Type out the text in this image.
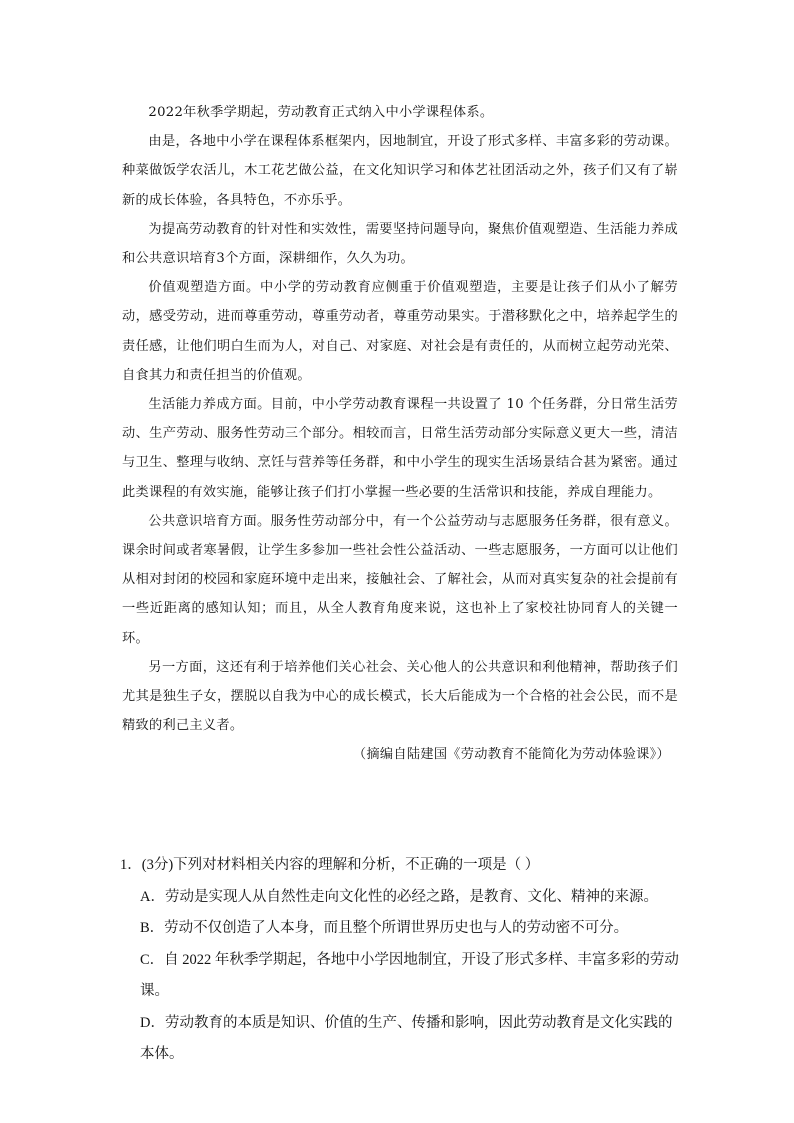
2022年秋季学期起，劳动教育正式纳入中小学课程体系。

由是，各地中小学在课程体系框架内，因地制宜，开设了形式多样、丰富多彩的劳动课。种菜做饭学农活儿，木工花艺做公益，在文化知识学习和体艺社团活动之外，孩子们又有了崭新的成长体验，各具特色，不亦乐乎。

为提高劳动教育的针对性和实效性，需要坚持问题导向，聚焦价值观塑造、生活能力养成和公共意识培育3个方面，深耕细作，久久为功。

价值观塑造方面。中小学的劳动教育应侧重于价值观塑造，主要是让孩子们从小了解劳动，感受劳动，进而尊重劳动，尊重劳动者，尊重劳动果实。于潜移默化之中，培养起学生的责任感，让他们明白生而为人，对自己、对家庭、对社会是有责任的，从而树立起劳动光荣、自食其力和责任担当的价值观。

生活能力养成方面。目前，中小学劳动教育课程一共设置了 10 个任务群，分日常生活劳动、生产劳动、服务性劳动三个部分。相较而言，日常生活劳动部分实际意义更大一些，清洁与卫生、整理与收纳、烹饪与营养等任务群，和中小学生的现实生活场景结合甚为紧密。通过此类课程的有效实施，能够让孩子们打小掌握一些必要的生活常识和技能，养成自理能力。

公共意识培育方面。服务性劳动部分中，有一个公益劳动与志愿服务任务群，很有意义。课余时间或者寒暑假，让学生多参加一些社会性公益活动、一些志愿服务，一方面可以让他们从相对封闭的校园和家庭环境中走出来，接触社会、了解社会，从而对真实复杂的社会提前有一些近距离的感知认知；而且，从全人教育角度来说，这也补上了家校社协同育人的关键一环。

另一方面，这还有利于培养他们关心社会、关心他人的公共意识和利他精神，帮助孩子们尤其是独生子女，摆脱以自我为中心的成长模式，长大后能成为一个合格的社会公民，而不是精致的利己主义者。

（摘编自陆建国《劳动教育不能简化为劳动体验课》）

1．(3分)下列对材料相关内容的理解和分析，不正确的一项是（ ）

A．劳动是实现人从自然性走向文化性的必经之路，是教育、文化、精神的来源。

B．劳动不仅创造了人本身，而且整个所谓世界历史也与人的劳动密不可分。

C．自 2022 年秋季学期起，各地中小学因地制宜，开设了形式多样、丰富多彩的劳动课。

D．劳动教育的本质是知识、价值的生产、传播和影响，因此劳动教育是文化实践的本体。
